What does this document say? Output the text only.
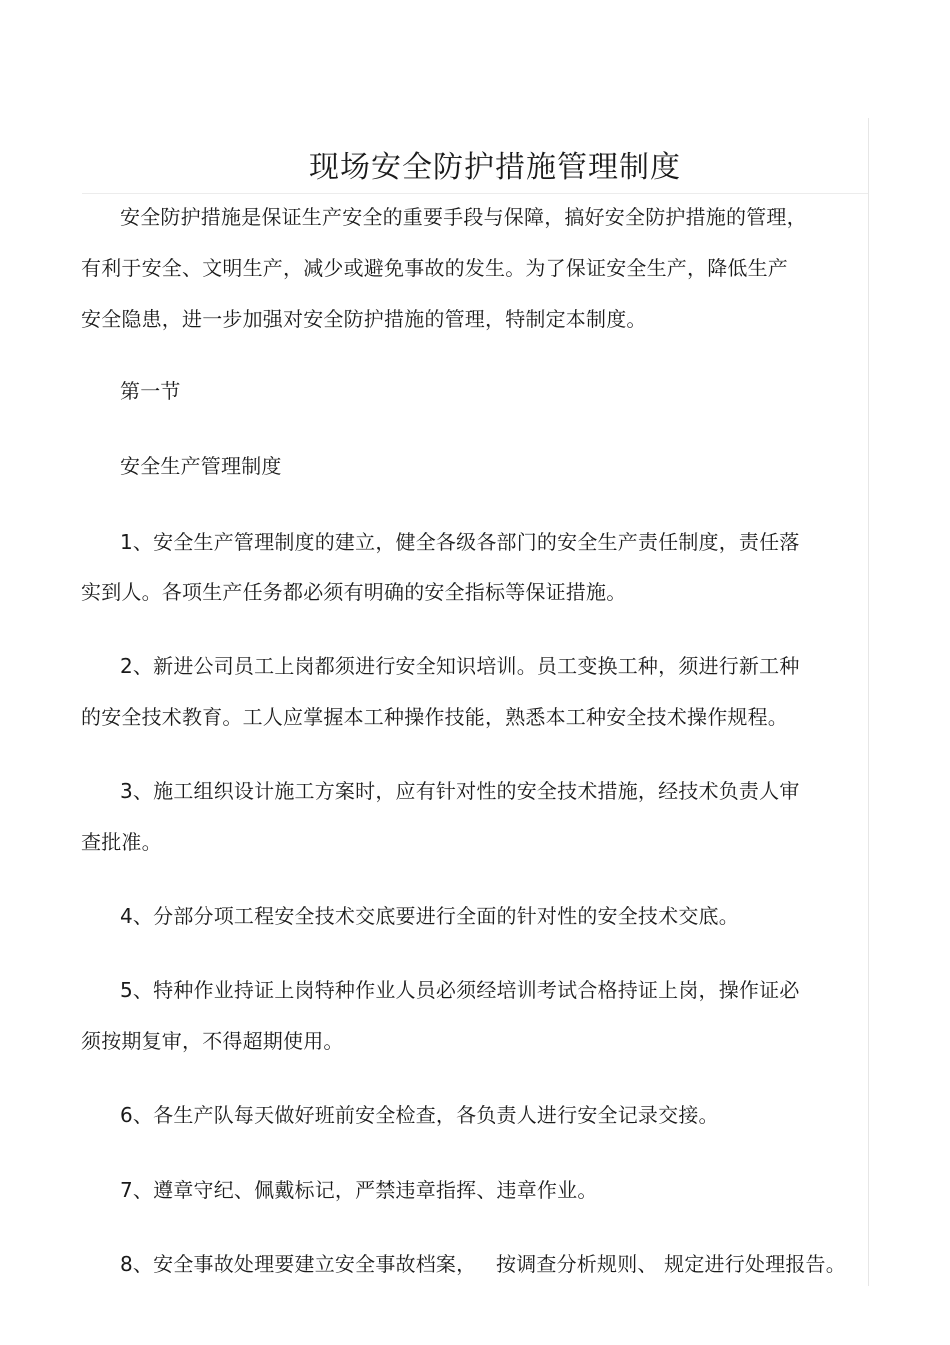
现场安全防护措施管理制度
安全防护措施是保证生产安全的重要手段与保障，搞好安全防护措施的管理，
有利于安全、文明生产，减少或避免事故的发生。为了保证安全生产，降低生产
安全隐患，进一步加强对安全防护措施的管理，特制定本制度。
第一节
安全生产管理制度
1、安全生产管理制度的建立，健全各级各部门的安全生产责任制度，责任落
实到人。各项生产任务都必须有明确的安全指标等保证措施。
2、新进公司员工上岗都须进行安全知识培训。员工变换工种，须进行新工种
的安全技术教育。工人应掌握本工种操作技能，熟悉本工种安全技术操作规程。
3、施工组织设计施工方案时，应有针对性的安全技术措施，经技术负责人审
查批准。
4、分部分项工程安全技术交底要进行全面的针对性的安全技术交底。
5、特种作业持证上岗特种作业人员必须经培训考试合格持证上岗，操作证必
须按期复审，不得超期使用。
6、各生产队每天做好班前安全检查，各负责人进行安全记录交接。
7、遵章守纪、佩戴标记，严禁违章指挥、违章作业。
8、安全事故处理要建立安全事故档案，   按调查分析规则、 规定进行处理报告。
